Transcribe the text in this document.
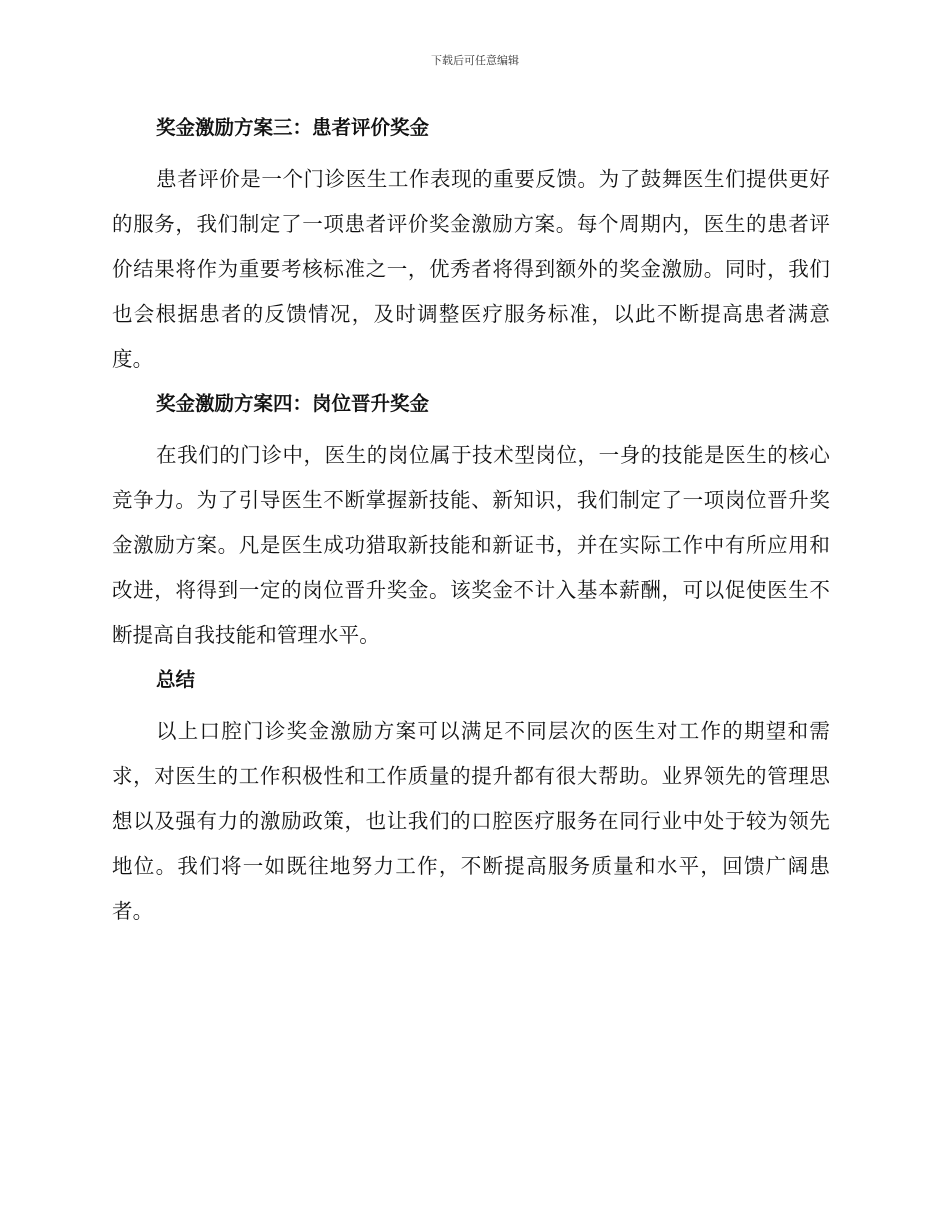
下载后可任意编辑
奖金激励方案三：患者评价奖金

患者评价是一个门诊医生工作表现的重要反馈。为了鼓舞医生们提供更好的服务，我们制定了一项患者评价奖金激励方案。每个周期内，医生的患者评价结果将作为重要考核标准之一，优秀者将得到额外的奖金激励。同时，我们也会根据患者的反馈情况，及时调整医疗服务标准，以此不断提高患者满意度。

奖金激励方案四：岗位晋升奖金

在我们的门诊中，医生的岗位属于技术型岗位，一身的技能是医生的核心竞争力。为了引导医生不断掌握新技能、新知识，我们制定了一项岗位晋升奖金激励方案。凡是医生成功猎取新技能和新证书，并在实际工作中有所应用和改进，将得到一定的岗位晋升奖金。该奖金不计入基本薪酬，可以促使医生不断提高自我技能和管理水平。

总结

以上口腔门诊奖金激励方案可以满足不同层次的医生对工作的期望和需求，对医生的工作积极性和工作质量的提升都有很大帮助。业界领先的管理思想以及强有力的激励政策，也让我们的口腔医疗服务在同行业中处于较为领先地位。我们将一如既往地努力工作，不断提高服务质量和水平，回馈广阔患者。
